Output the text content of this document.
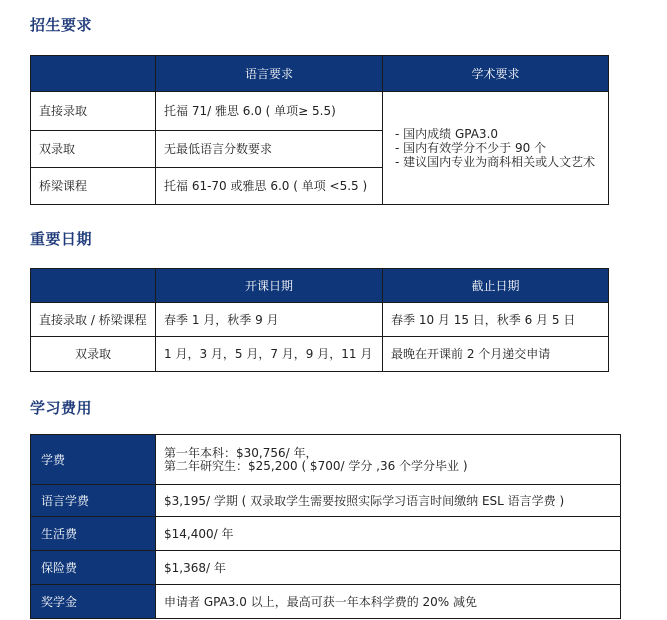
招生要求
	语言要求	学术要求
直接录取	托福 71/ 雅思 6.0 ( 单项≥ 5.5)	- 国内成绩 GPA3.0
- 国内有效学分不少于 90 个
- 建议国内专业为商科相关或人文艺术

双录取	无最低语言分数要求	
桥梁课程	托福 61-70 或雅思 6.0 ( 单项 <5.5 )	
重要日期
	开课日期	截止日期
直接录取 / 桥梁课程	春季 1 月，秋季 9 月	春季 10 月 15 日，秋季 6 月 5 日
双录取	1 月，3 月，5 月，7 月，9 月，11 月	最晚在开课前 2 个月递交申请
学习费用
学费	第一年本科：$30,756/ 年，
第二年研究生：$25,200 ( $700/ 学分 ,36 个学分毕业 )

语言学费	$3,195/ 学期 ( 双录取学生需要按照实际学习语言时间缴纳 ESL 语言学费 )
生活费	$14,400/ 年
保险费	$1,368/ 年
奖学金	申请者 GPA3.0 以上，最高可获一年本科学费的 20% 减免
